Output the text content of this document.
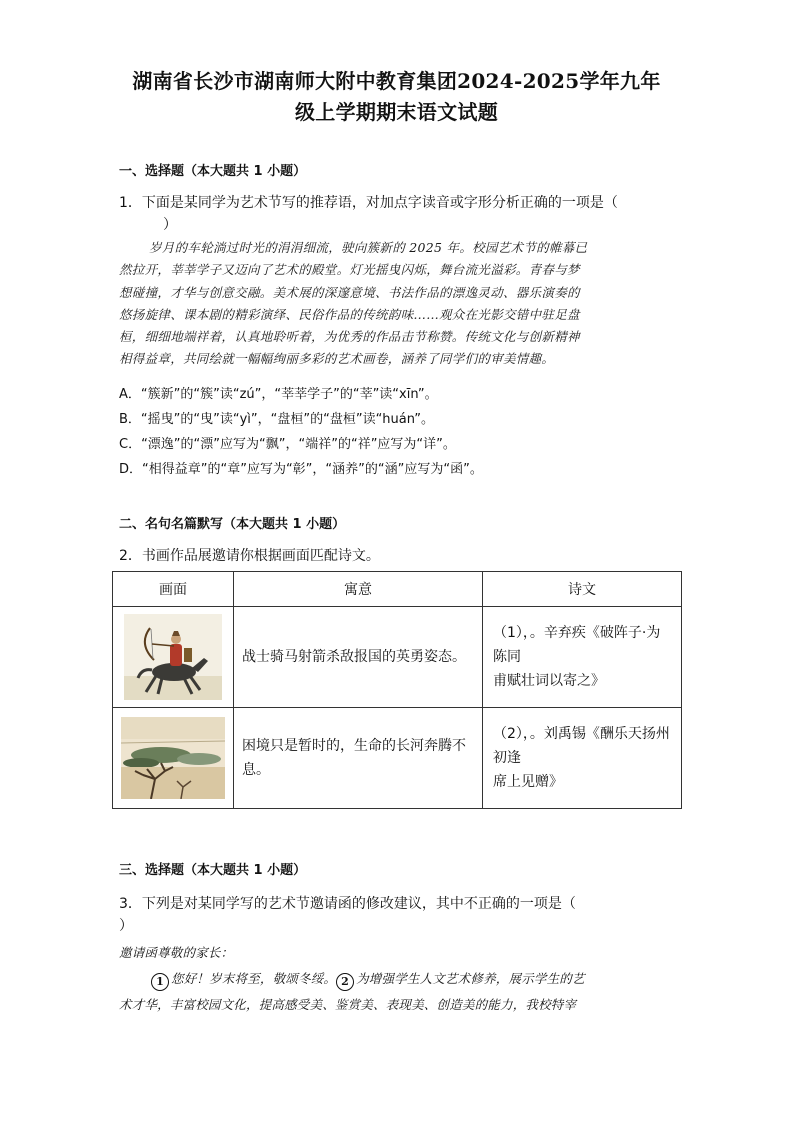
湖南省长沙市湖南师大附中教育集团2024-2025学年九年
级上学期期末语文试题
一、选择题（本大题共 1 小题）
1．下面是某同学为艺术节写的推荐语，对加点字读音或字形分析正确的一项是（
）
岁月的车轮淌过时光的涓涓细流，驶向簇新的 2025 年。校园艺术节的帷幕已
然拉开，莘莘学子又迈向了艺术的殿堂。灯光摇曳闪烁，舞台流光溢彩。青春与梦
想碰撞，才华与创意交融。美术展的深邃意境、书法作品的漂逸灵动、器乐演奏的
悠扬旋律、课本剧的精彩演绎、民俗作品的传统韵味……观众在光影交错中驻足盘
桓，细细地端祥着，认真地聆听着，为优秀的作品击节称赞。传统文化与创新精神
相得益章，共同绘就一幅幅绚丽多彩的艺术画卷，涵养了同学们的审美情趣。
A．“簇新”的“簇”读“zú”，“莘莘学子”的“莘”读“xīn”。
B．“摇曳”的“曳”读“yì”，“盘桓”的“盘桓”读“huán”。
C．“漂逸”的“漂”应写为“飘”，“端祥”的“祥”应写为“详”。
D．“相得益章”的“章”应写为“彰”，“涵养”的“涵”应写为“函”。
二、名句名篇默写（本大题共 1 小题）
2．书画作品展邀请你根据画面匹配诗文。
画面	寓意	诗文

	战士骑马射箭杀敌报国的英勇姿态。	（1），。辛弃疾《破阵子·为陈同
甫赋壮词以寄之》

	困境只是暂时的，生命的长河奔腾不息。	（2），。刘禹锡《酬乐天扬州初逢
席上见赠》
三、选择题（本大题共 1 小题）
3．下列是对某同学写的艺术节邀请函的修改建议，其中不正确的一项是（
）
邀请函尊敬的家长：
1 您好！岁末将至，敬颂冬绥。 2 为增强学生人文艺术修养，展示学生的艺
术才华，丰富校园文化，提高感受美、鉴赏美、表现美、创造美的能力，我校特宰
